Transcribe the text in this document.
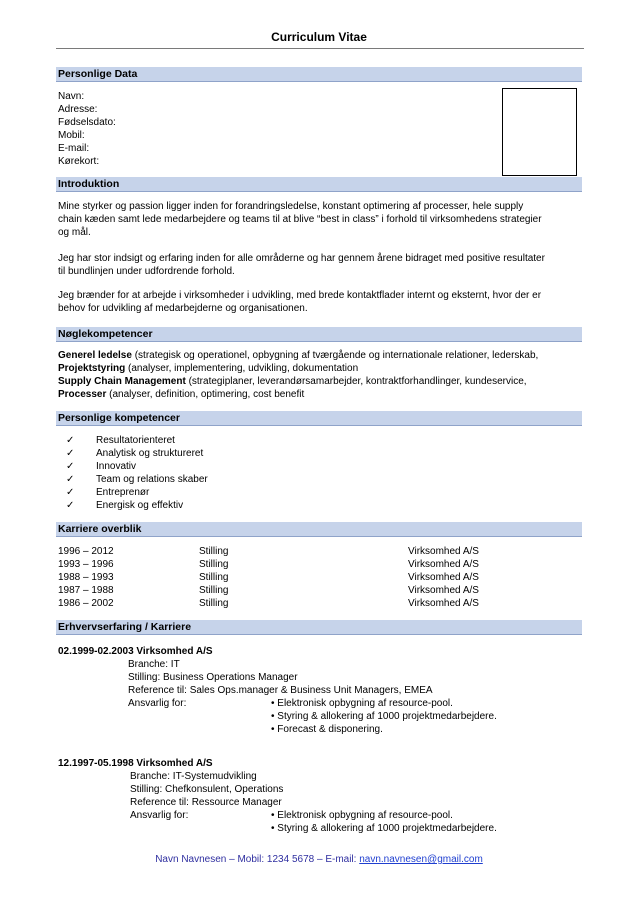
Curriculum Vitae
Personlige Data
Navn:
Adresse:
Fødselsdato:
Mobil:
E-mail:
Kørekort:
Introduktion
Mine styrker og passion ligger inden for forandringsledelse, konstant optimering af processer, hele supply
chain kæden samt lede medarbejdere og teams til at blive “best in class” i forhold til virksomhedens strategier
og mål.
Jeg har stor indsigt og erfaring inden for alle områderne og har gennem årene bidraget med positive resultater
til bundlinjen under udfordrende forhold.
Jeg brænder for at arbejde i virksomheder i udvikling, med brede kontaktflader internt og eksternt, hvor der er
behov for udvikling af medarbejderne og organisationen.
Nøglekompetencer
Generel ledelse (strategisk og operationel, opbygning af tværgående og internationale relationer, lederskab,
Projektstyring (analyser, implementering, udvikling, dokumentation
Supply Chain Management (strategiplaner, leverandørsamarbejder, kontraktforhandlinger, kundeservice,
Processer (analyser, definition, optimering, cost benefit
Personlige kompetencer
✓ Resultatorienteret
✓ Analytisk og struktureret
✓ Innovativ
✓ Team og relations skaber
✓ Entreprenør
✓ Energisk og effektiv
Karriere overblik
1996 – 2012	Stilling	Virksomhed A/S
1993 – 1996	Stilling	Virksomhed A/S
1988 – 1993	Stilling	Virksomhed A/S
1987 – 1988	Stilling	Virksomhed A/S
1986 – 2002	Stilling	Virksomhed A/S
Erhvervserfaring / Karriere
02.1999-02.2003 Virksomhed A/S
Branche: IT
Stilling: Business Operations Manager
Reference til: Sales Ops.manager & Business Unit Managers, EMEA
Ansvarlig for:	• Elektronisk opbygning af resource-pool.
• Styring & allokering af 1000 projektmedarbejdere.
• Forecast & disponering.
12.1997-05.1998 Virksomhed A/S
Branche: IT-Systemudvikling
Stilling: Chefkonsulent, Operations
Reference til: Ressource Manager
Ansvarlig for:	• Elektronisk opbygning af resource-pool.
• Styring & allokering af 1000 projektmedarbejdere.
Navn Navnesen – Mobil: 1234 5678 – E-mail: navn.navnesen@gmail.com
